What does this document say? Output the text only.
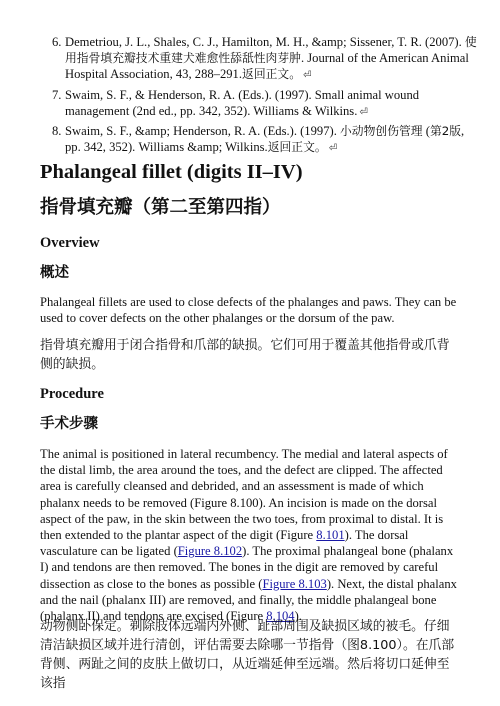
6. Demetriou, J. L., Shales, C. J., Hamilton, M. H., &amp; Sissener, T. R. (2007). 使用指骨填充瓣技术重建犬难愈性舔舐性肉芽肿. Journal of the American Animal Hospital Association, 43, 288–291.返回正文。 ⏎
7. Swaim, S. F., & Henderson, R. A. (Eds.). (1997). Small animal wound management (2nd ed., pp. 342, 352). Williams & Wilkins. ⏎
8. Swaim, S. F., &amp; Henderson, R. A. (Eds.). (1997). 小动物创伤管理 (第2版, pp. 342, 352). Williams &amp; Wilkins.返回正文。 ⏎
Phalangeal fillet (digits II–IV)
指骨填充瓣（第二至第四指）
Overview
概述

Phalangeal fillets are used to close defects of the phalanges and paws. They can be used to cover defects on the other phalanges or the dorsum of the paw.

指骨填充瓣用于闭合指骨和爪部的缺损。它们可用于覆盖其他指骨或爪背侧的缺损。

Procedure
手术步骤

The animal is positioned in lateral recumbency. The medial and lateral aspects of the distal limb, the area around the toes, and the defect are clipped. The affected area is carefully cleansed and debrided, and an assessment is made of which phalanx needs to be removed (Figure 8.100). An incision is made on the dorsal aspect of the paw, in the skin between the two toes, from proximal to distal. It is then extended to the plantar aspect of the digit (Figure 8.101). The dorsal vasculature can be ligated (Figure 8.102). The proximal phalangeal bone (phalanx I) and tendons are then removed. The bones in the digit are removed by careful dissection as close to the bones as possible (Figure 8.103). Next, the distal phalanx and the nail (phalanx III) are removed, and finally, the middle phalangeal bone (phalanx II) and tendons are excised (Figure 8.104).

动物侧卧保定。剃除肢体远端内外侧、趾部周围及缺损区域的被毛。仔细清洁缺损区域并进行清创，评估需要去除哪一节指骨（图8.100）。在爪部背侧、两趾之间的皮肤上做切口，从近端延伸至远端。然后将切口延伸至该指
